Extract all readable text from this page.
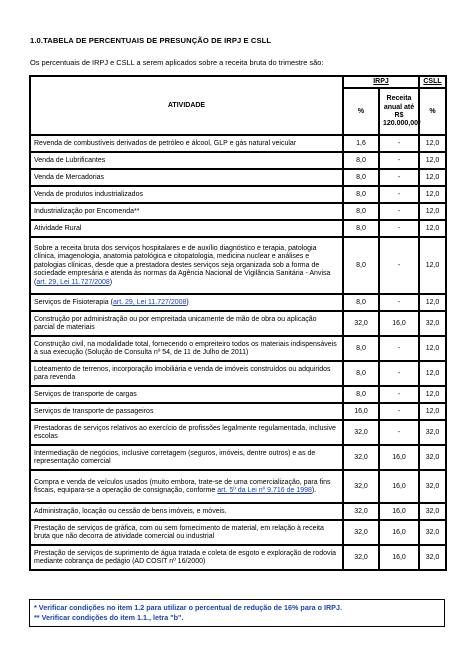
1.0.TABELA DE PERCENTUAIS DE PRESUNÇÃO DE IRPJ E CSLL
Os percentuais de IRPJ e CSLL a serem aplicados sobre a receita bruta do trimestre são:
ATIVIDADE	IRPJ		CSLL
	%	Receita anual até R$ 120.000,00*	%
Revenda de combustíveis derivados de petróleo e álcool, GLP e gás natural veicular	1,6	-	12,0
Venda de Lubrificantes	8,0	-	12,0
Venda de Mercadorias	8,0	-	12,0
Venda de produtos industrializados	8,0	-	12,0
Industrialização por Encomenda**	8,0	-	12,0
Atividade Rural	8,0	-	12,0
Sobre a receita bruta dos serviços hospitalares e de auxílio diagnóstico e terapia, patologia clínica, imagenologia, anatomia patológica e citopatologia, medicina nuclear e análises e patologias clínicas, desde que a prestadora destes serviços seja organizada sob a forma de sociedade empresária e atenda às normas da Agência Nacional de Vigilância Sanitária - Anvisa (art. 29, Lei 11.727/2008)	8,0	-	12,0
Serviços de Fisioterapia (art. 29, Lei 11.727/2008)	8,0	-	12,0
Construção por administração ou por empreitada unicamente de mão de obra ou aplicação parcial de materiais	32,0	16,0	32,0
Construção civil, na modalidade total, fornecendo o empreiteiro todos os materiais indispensáveis à sua execução (Solução de Consulta nº 54, de 11 de Julho de 2011)	8,0	-	12,0
Loteamento de terrenos, incorporação imobiliária e venda de imóveis construídos ou adquiridos para revenda	8,0	-	12,0
Serviços de transporte de cargas	8,0	-	12,0
Serviços de transporte de passageiros	16,0	-	12,0
Prestadoras de serviços relativos ao exercício de profissões legalmente regulamentada, inclusive escolas	32,0	-	32,0
Intermediação de negócios, inclusive corretagem (seguros, imóveis, dentre outros) e as de representação comercial	32,0	16,0	32,0
Compra e venda de veículos usados (muito embora, trate-se de uma comercialização, para fins fiscais, equipara-se a operação de consignação, conforme art. 5º da Lei nº 9.716 de 1998).	32,0	16,0	32,0
Administração, locação ou cessão de bens imóveis, e móveis.	32,0	16,0	32,0
Prestação de serviços de gráfica, com ou sem fornecimento de material, em relação à receita bruta que não decorra de atividade comercial ou industrial	32,0	16,0	32,0
Prestação de serviços de suprimento de água tratada e coleta de esgoto e exploração de rodovia mediante cobrança de pedágio (AD COSIT nº 16/2000)	32,0	16,0	32,0
* Verificar condições no item 1.2 para utilizar o percentual de redução de 16% para o IRPJ.
** Verificar condições do item 1.1., letra "b".
